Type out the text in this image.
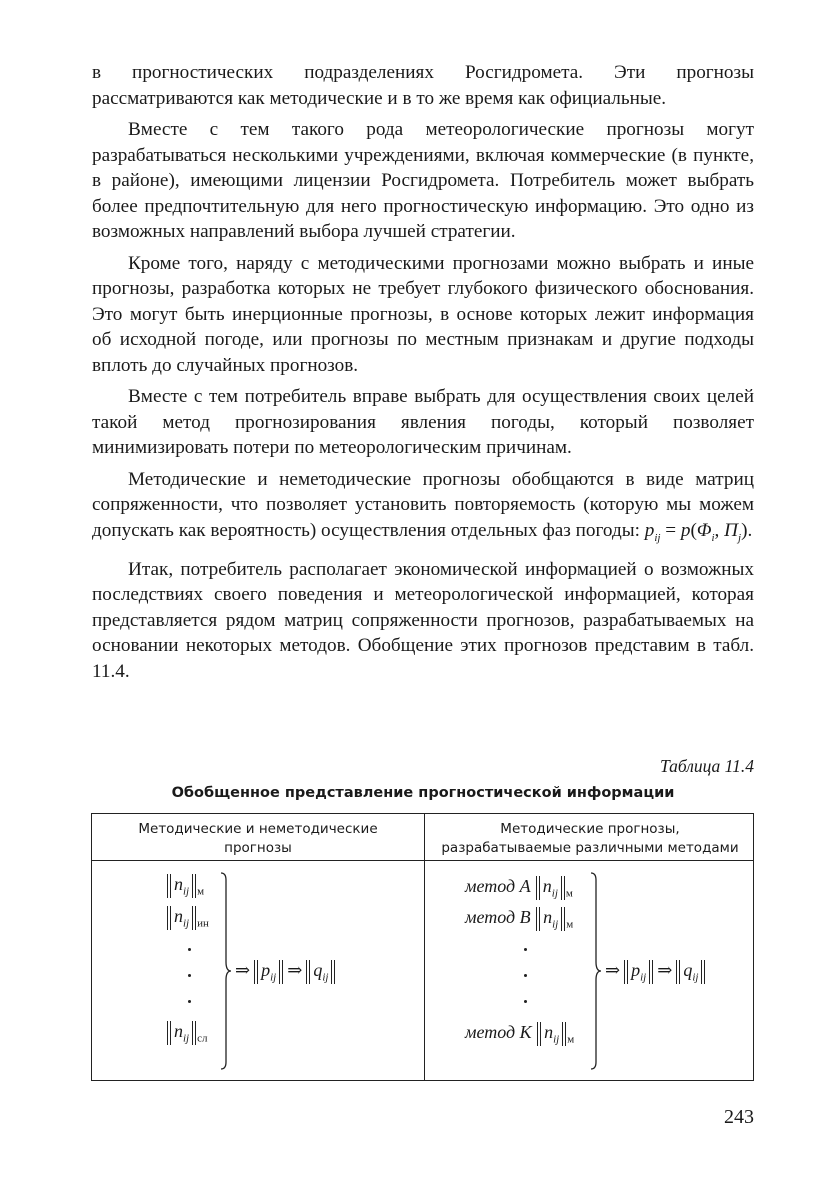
в прогностических подразделениях Росгидромета. Эти прогнозы рассматриваются как методические и в то же время как официальные.

Вместе с тем такого рода метеорологические прогнозы могут разрабатываться несколькими учреждениями, включая коммерческие (в пункте, в районе), имеющими лицензии Росгидромета. Потребитель может выбрать более предпочтительную для него прогностическую информацию. Это одно из возможных направлений выбора лучшей стратегии.

Кроме того, наряду с методическими прогнозами можно выбрать и иные прогнозы, разработка которых не требует глубокого физического обоснования. Это могут быть инерционные прогнозы, в основе которых лежит информация об исходной погоде, или прогнозы по местным признакам и другие подходы вплоть до случайных прогнозов.

Вместе с тем потребитель вправе выбрать для осуществления своих целей такой метод прогнозирования явления погоды, который позволяет минимизировать потери по метеорологическим причинам.

Методические и неметодические прогнозы обобщаются в виде матриц сопряженности, что позволяет установить повторяемость (которую мы можем допускать как вероятность) осуществления отдельных фаз погоды: $p_{ij} = p(\Phi_i$, $\Pi_j$).

Итак, потребитель располагает экономической информацией о возможных последствиях своего поведения и метеорологической информацией, которая представляется рядом матриц сопряженности прогнозов, разрабатываемых на основании некоторых методов. Обобщение этих прогнозов представим в табл. 11.4.

Таблица 11.4
Обобщенное представление прогностической информации
Методические и неметодические
прогнозы
Методические прогнозы,
разрабатываемые различными методами
$n_{ij}$ $_м$
$n_{ij}$ $_{ин}$
$n_{ij}$ $_{сл}$
⇒ $p_{ij}$ ⇒ $q_{ij}$
метод A $n_{ij}$ $_м$
метод B $n_{ij}$ $_м$
метод K $n_{ij}$ $_м$
⇒ $p_{ij}$ ⇒ $q_{ij}$
243
